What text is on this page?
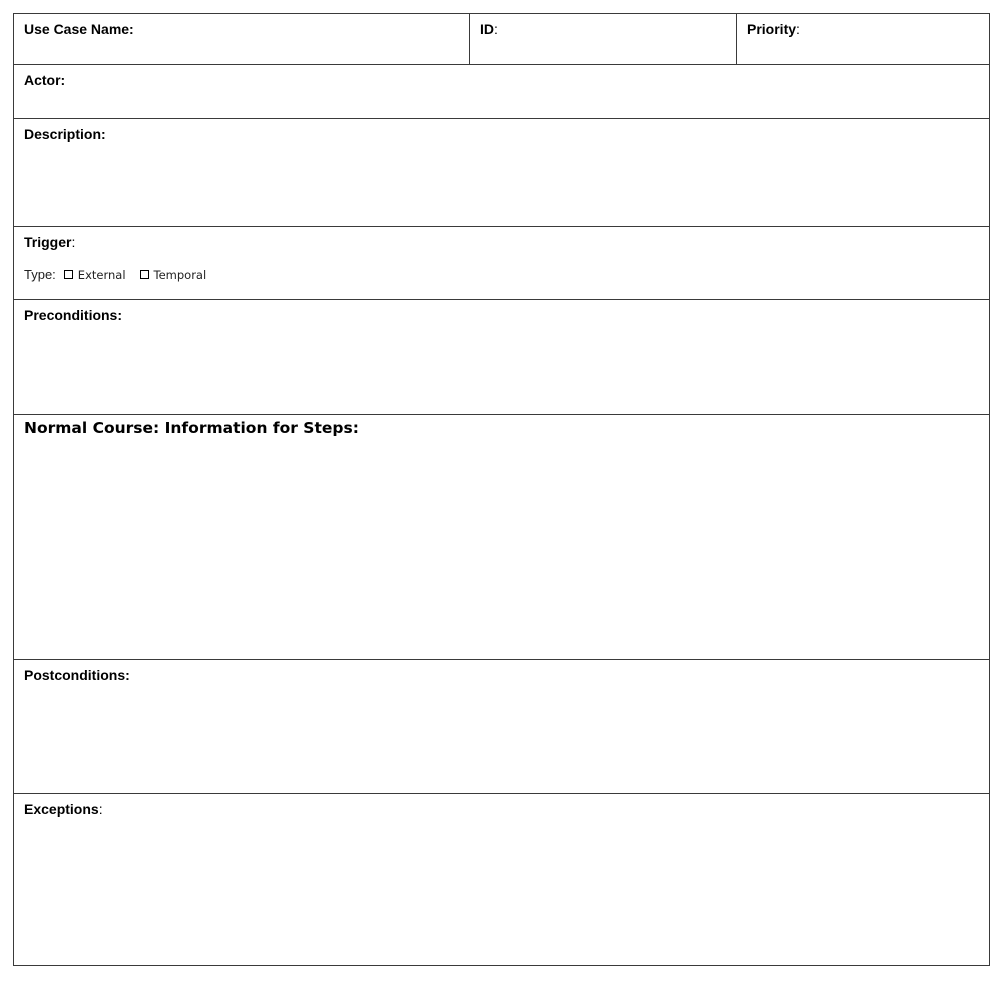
Use Case Name:	ID:	Priority:
Actor:
Description:
Trigger:
Type: External Temporal
Preconditions:
Normal Course: Information for Steps:
Postconditions:
Exceptions:
